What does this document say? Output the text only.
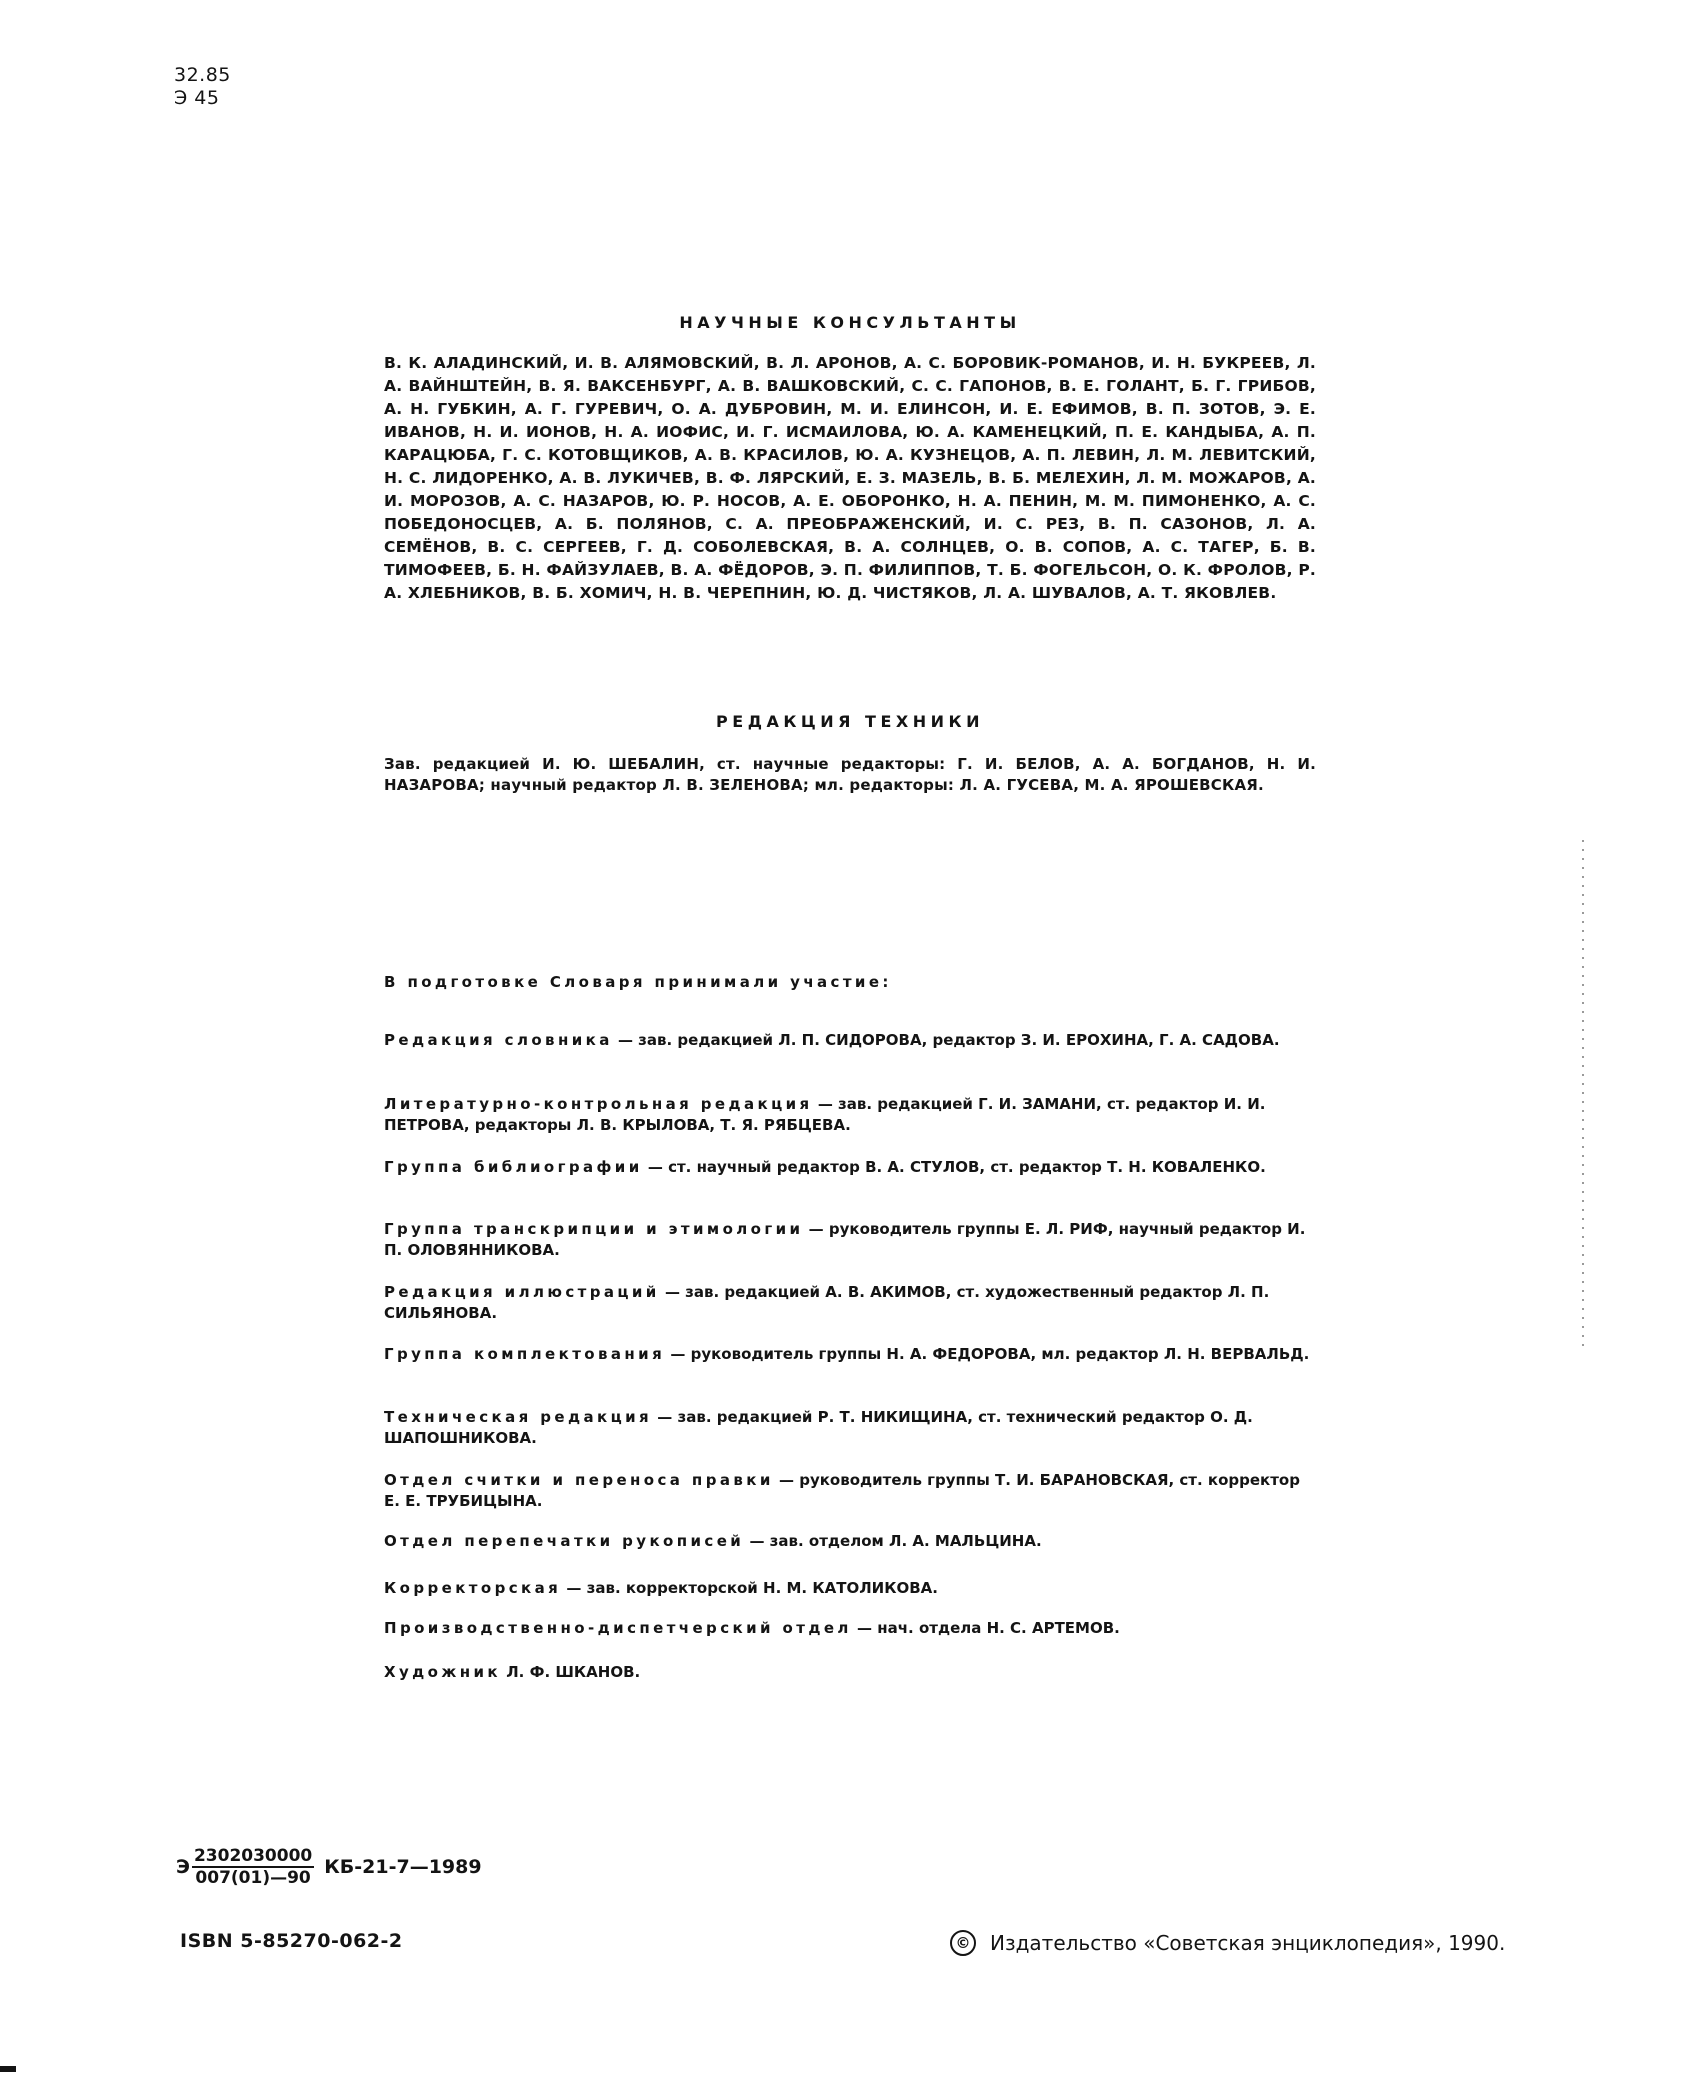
32.85
Э 45
НАУЧНЫЕ КОНСУЛЬТАНТЫ
В. К. АЛАДИНСКИЙ, И. В. АЛЯМОВСКИЙ, В. Л. АРОНОВ, А. С. БОРОВИК-РОМАНОВ, И. Н. БУКРЕЕВ, Л. А. ВАЙНШТЕЙН, В. Я. ВАКСЕНБУРГ, А. В. ВАШКОВСКИЙ, С. С. ГАПОНОВ, В. Е. ГОЛАНТ, Б. Г. ГРИБОВ, А. Н. ГУБКИН, А. Г. ГУРЕВИЧ, О. А. ДУБРОВИН, М. И. ЕЛИНСОН, И. Е. ЕФИМОВ, В. П. ЗОТОВ, Э. Е. ИВАНОВ, Н. И. ИОНОВ, Н. А. ИОФИС, И. Г. ИСМАИЛОВА, Ю. А. КАМЕНЕЦКИЙ, П. Е. КАНДЫБА, А. П. КАРАЦЮБА, Г. С. КОТОВЩИКОВ, А. В. КРАСИЛОВ, Ю. А. КУЗНЕЦОВ, А. П. ЛЕВИН, Л. М. ЛЕВИТСКИЙ, Н. С. ЛИДОРЕНКО, А. В. ЛУКИЧЕВ, В. Ф. ЛЯРСКИЙ, Е. З. МАЗЕЛЬ, В. Б. МЕЛЕХИН, Л. М. МОЖАРОВ, А. И. МОРОЗОВ, А. С. НАЗАРОВ, Ю. Р. НОСОВ, А. Е. ОБОРОНКО, Н. А. ПЕНИН, М. М. ПИМОНЕНКО, А. С. ПОБЕДОНОСЦЕВ, А. Б. ПОЛЯНОВ, С. А. ПРЕОБРАЖЕНСКИЙ, И. С. РЕЗ, В. П. САЗОНОВ, Л. А. СЕМЁНОВ, В. С. СЕРГЕЕВ, Г. Д. СОБОЛЕВСКАЯ, В. А. СОЛНЦЕВ, О. В. СОПОВ, А. С. ТАГЕР, Б. В. ТИМОФЕЕВ, Б. Н. ФАЙЗУЛАЕВ, В. А. ФЁДОРОВ, Э. П. ФИЛИППОВ, Т. Б. ФОГЕЛЬСОН, О. К. ФРОЛОВ, Р. А. ХЛЕБНИКОВ, В. Б. ХОМИЧ, Н. В. ЧЕРЕПНИН, Ю. Д. ЧИСТЯКОВ, Л. А. ШУВАЛОВ, А. Т. ЯКОВЛЕВ.
РЕДАКЦИЯ ТЕХНИКИ
Зав. редакцией И. Ю. ШЕБАЛИН, ст. научные редакторы: Г. И. БЕЛОВ, А. А. БОГДАНОВ, Н. И. НАЗАРОВА; научный редактор Л. В. ЗЕЛЕНОВА; мл. редакторы: Л. А. ГУСЕВА, М. А. ЯРОШЕВСКАЯ.
В подготовке Словаря принимали участие:
Редакция словника — зав. редакцией Л. П. СИДОРОВА, редактор З. И. ЕРОХИНА, Г. А. САДОВА.
Литературно-контрольная редакция — зав. редакцией Г. И. ЗАМАНИ, ст. редактор И. И. ПЕТРОВА, редакторы Л. В. КРЫЛОВА, Т. Я. РЯБЦЕВА.
Группа библиографии — ст. научный редактор В. А. СТУЛОВ, ст. редактор Т. Н. КОВАЛЕНКО.
Группа транскрипции и этимологии — руководитель группы Е. Л. РИФ, научный редактор И. П. ОЛОВЯННИКОВА.
Редакция иллюстраций — зав. редакцией А. В. АКИМОВ, ст. художественный редактор Л. П. СИЛЬЯНОВА.
Группа комплектования — руководитель группы Н. А. ФЕДОРОВА, мл. редактор Л. Н. ВЕРВАЛЬД.
Техническая редакция — зав. редакцией Р. Т. НИКИЩИНА, ст. технический редактор О. Д. ШАПОШНИКОВА.
Отдел считки и переноса правки — руководитель группы Т. И. БАРАНОВСКАЯ, ст. корректор Е. Е. ТРУБИЦЫНА.
Отдел перепечатки рукописей — зав. отделом Л. А. МАЛЬЦИНА.
Корректорская — зав. корректорской Н. М. КАТОЛИКОВА.
Производственно-диспетчерский отдел — нач. отдела Н. С. АРТЕМОВ.
Художник Л. Ф. ШКАНОВ.
Э $\frac{2302030000}{007(01)—90}$ КБ-21-7—1989
ISBN 5-85270-062-2	© Издательство «Советская энциклопедия», 1990.
